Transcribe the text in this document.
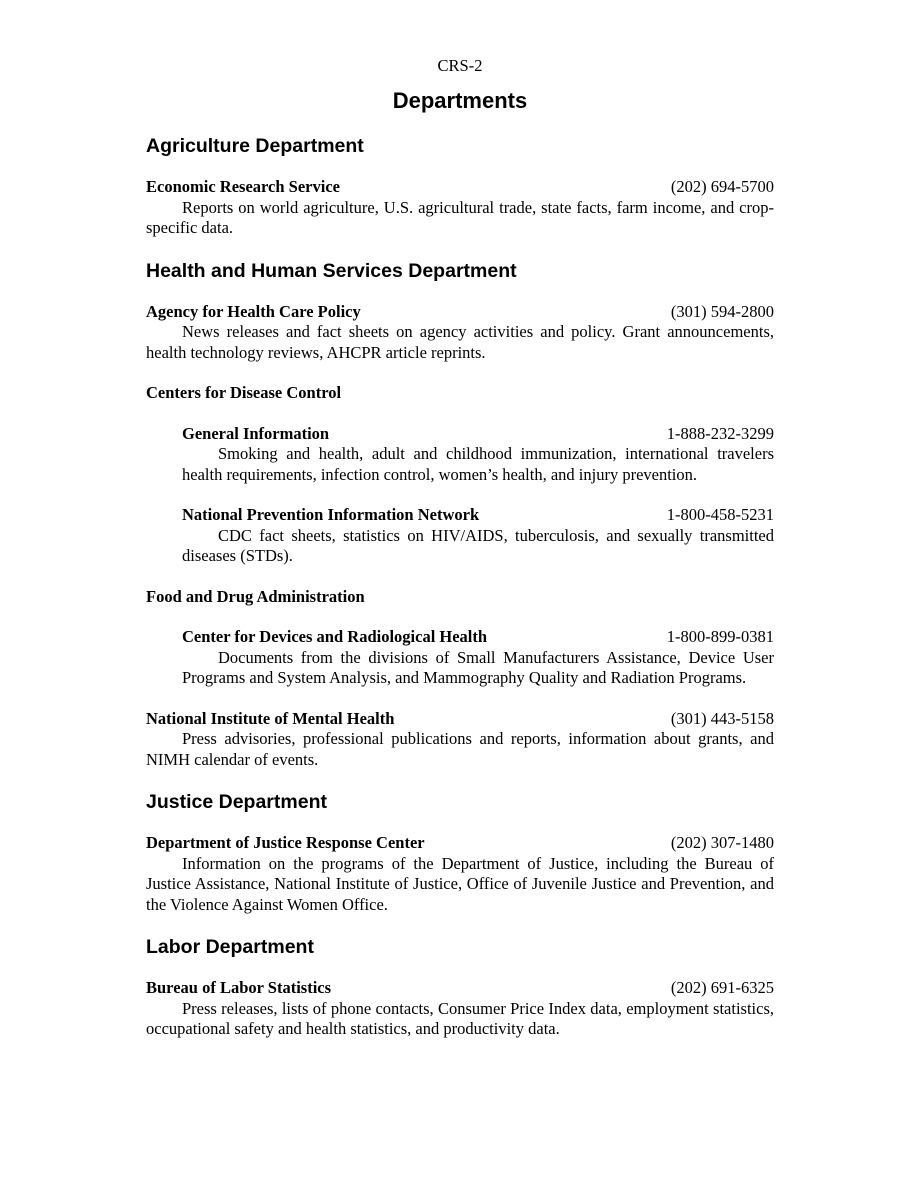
CRS-2
Departments
Agriculture Department
Economic Research Service	(202) 694-5700
Reports on world agriculture, U.S. agricultural trade, state facts, farm income, and crop-specific data.
Health and Human Services Department
Agency for Health Care Policy	(301) 594-2800
News releases and fact sheets on agency activities and policy. Grant announcements, health technology reviews, AHCPR article reprints.
Centers for Disease Control
General Information	1-888-232-3299
Smoking and health, adult and childhood immunization, international travelers health requirements, infection control, women’s health, and injury prevention.
National Prevention Information Network	1-800-458-5231
CDC fact sheets, statistics on HIV/AIDS, tuberculosis, and sexually transmitted diseases (STDs).
Food and Drug Administration
Center for Devices and Radiological Health	1-800-899-0381
Documents from the divisions of Small Manufacturers Assistance, Device User Programs and System Analysis, and Mammography Quality and Radiation Programs.
National Institute of Mental Health	(301) 443-5158
Press advisories, professional publications and reports, information about grants, and NIMH calendar of events.
Justice Department
Department of Justice Response Center	(202) 307-1480
Information on the programs of the Department of Justice, including the Bureau of Justice Assistance, National Institute of Justice, Office of Juvenile Justice and Prevention, and the Violence Against Women Office.
Labor Department
Bureau of Labor Statistics	(202) 691-6325
Press releases, lists of phone contacts, Consumer Price Index data, employment statistics, occupational safety and health statistics, and productivity data.
